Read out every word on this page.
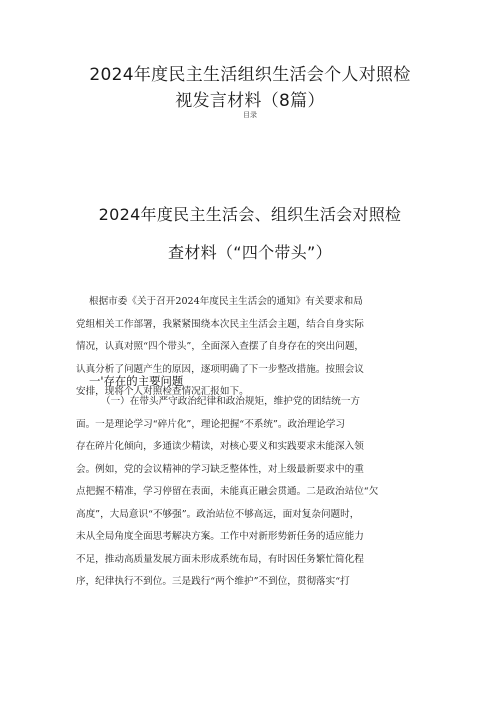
2024年度民主生活组织生活会个人对照检
视发言材料（8篇）
目录
2024年度民主生活会、组织生活会对照检
查材料（“四个带头”）
根据市委《关于召开2024年度民主生活会的通知》有关要求和局
党组相关工作部署，我紧紧围绕本次民主生活会主题，结合自身实际
情况，认真对照“四个带头”，全面深入查摆了自身存在的突出问题，
认真分析了问题产生的原因，逐项明确了下一步整改措施。按照会议
安排，现将个人对照检查情况汇报如下。
一'存在的主要问题
（一）在带头严守政治纪律和政治规矩，维护党的团结统一方
面。一是理论学习“碎片化”，理论把握“不系统”。政治理论学习
存在碎片化倾向，多通读少精读，对核心要义和实践要求未能深入领
会。例如，党的会议精神的学习缺乏整体性，对上级最新要求中的重
点把握不精准，学习停留在表面，未能真正融会贯通。二是政治站位“欠
高度”，大局意识“不够强”。政治站位不够高远，面对复杂问题时，
未从全局角度全面思考解决方案。工作中对新形势新任务的适应能力
不足，推动高质量发展方面未形成系统布局，有时因任务繁忙简化程
序，纪律执行不到位。三是践行“两个维护”不到位，贯彻落实“打
